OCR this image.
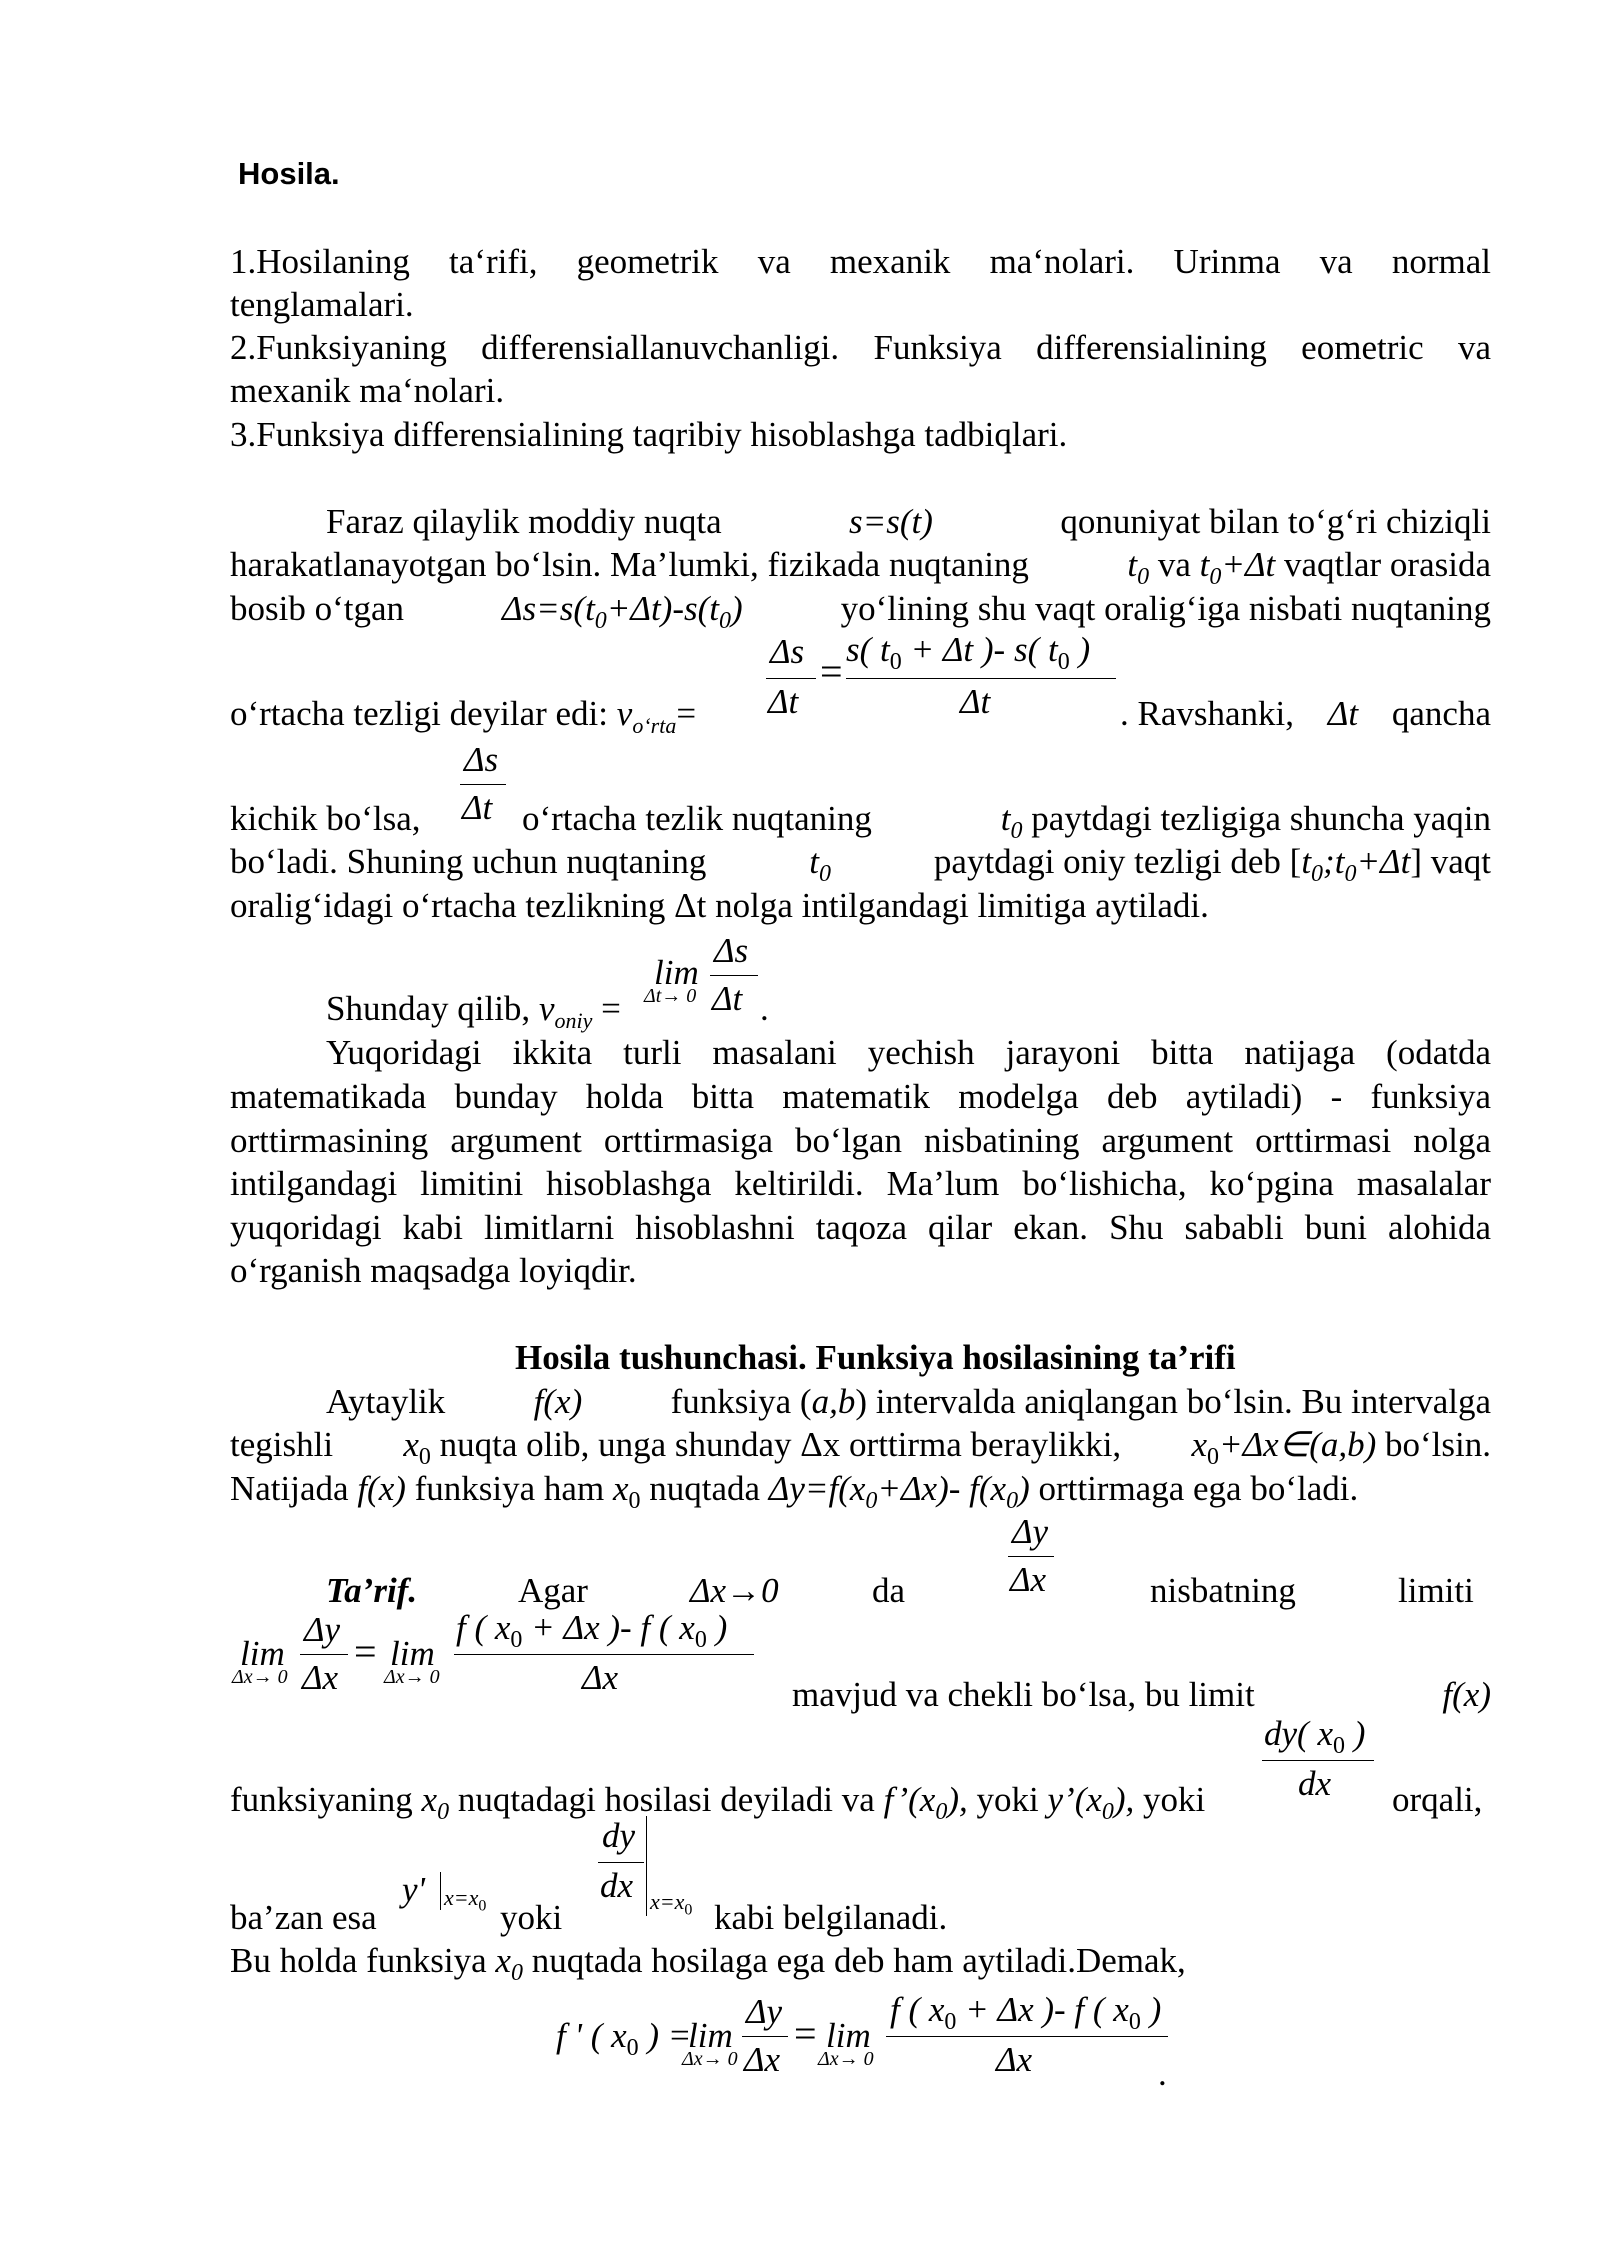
Hosila.
1.Hosilaning ta‘rifi, geometrik va mexanik ma‘nolari. Urinma va normal
tenglamalari.
2.Funksiyaning differensiallanuvchanligi. Funksiya differensialining eometric va
mexanik ma‘nolari.
3.Funksiya differensialining taqribiy hisoblashga tadbiqlari.
Faraz qilaylik moddiy nuqta	s=s(t)	qonuniyat bilan to‘g‘ri chiziqli
harakatlanayotgan bo‘lsin. Ma’lumki, fizikada nuqtaning	$t_0$ va $t_0+\Delta t$ vaqtlar orasida
bosib o‘tgan	$\Delta s=s(t_0+\Delta t)-s(t_0)$	yo‘lining shu vaqt oralig‘iga nisbati nuqtaning
Δs
Δt
= s( $t_0 + \Delta t$ )- s( $t_0$ )
Δt
o‘rtacha tezligi deyilar edi: $v_{o‘rta}=$	. Ravshanki, Δt qancha
Δs
Δt
kichik bo‘lsa,	o‘rtacha tezlik nuqtaning	$t_0$ paytdagi tezligiga shuncha yaqin
bo‘ladi. Shuning uchun nuqtaning	$t_0$	paytdagi oniy tezligi deb $[t_0;t_0+\Delta t]$ vaqt
oralig‘idagi o‘rtacha tezlikning Δt nolga intilgandagi limitiga aytiladi.
lim
Δt→ 0
Δs
Δt
Shunday qilib, $v_{oniy}$ =	.
Yuqoridagi ikkita turli masalani yechish jarayoni bitta natijaga (odatda
matematikada bunday holda bitta matematik modelga deb aytiladi) - funksiya
orttirmasining argument orttirmasiga bo‘lgan nisbatining argument orttirmasi nolga
intilgandagi limitini hisoblashga keltirildi. Ma’lum bo‘lishicha, ko‘pgina masalalar
yuqoridagi kabi limitlarni hisoblashni taqoza qilar ekan. Shu sababli buni alohida
o‘rganish maqsadga loyiqdir.
Hosila tushunchasi. Funksiya hosilasining ta’rifi
Aytaylik	f(x)	funksiya (a,b) intervalda aniqlangan bo‘lsin. Bu intervalga
tegishli $x_0$ nuqta olib, unga shunday Δx orttirma beraylikki, $x_0+\Delta x\in(a,b)$ bo‘lsin.
Natijada f(x) funksiya ham $x_0$ nuqtada $\Delta y=f(x_0+\Delta x)-$ $f(x_0)$ orttirmaga ega bo‘ladi.
Δy
Δx
Ta’rif.	Agar	Δx→0	da	nisbatning	limiti
lim
Δx→ 0
Δy
Δx
= lim
Δx→ 0
f ( $x_0 + \Delta x$ )- f ( $x_0$ )
Δx	mavjud va chekli bo‘lsa, bu limit	f(x)
dy( $x_0$ )
dx
funksiyaning $x_0$ nuqtadagi hosilasi deyiladi va $f’(x_0)$, yoki $y’(x_0)$, yoki	orqali,
ba’zan esa
y' $x=x_0$ yoki
dy
dx $x=x_0$ kabi belgilanadi.
Bu holda funksiya $x_0$ nuqtada hosilaga ega deb ham aytiladi.Demak,
f ' ( $x_0$ ) =
lim
Δx→ 0
Δy
Δx
= lim
Δx→ 0
f ( $x_0 + \Delta x$ )- f ( $x_0$ )
Δx	.
